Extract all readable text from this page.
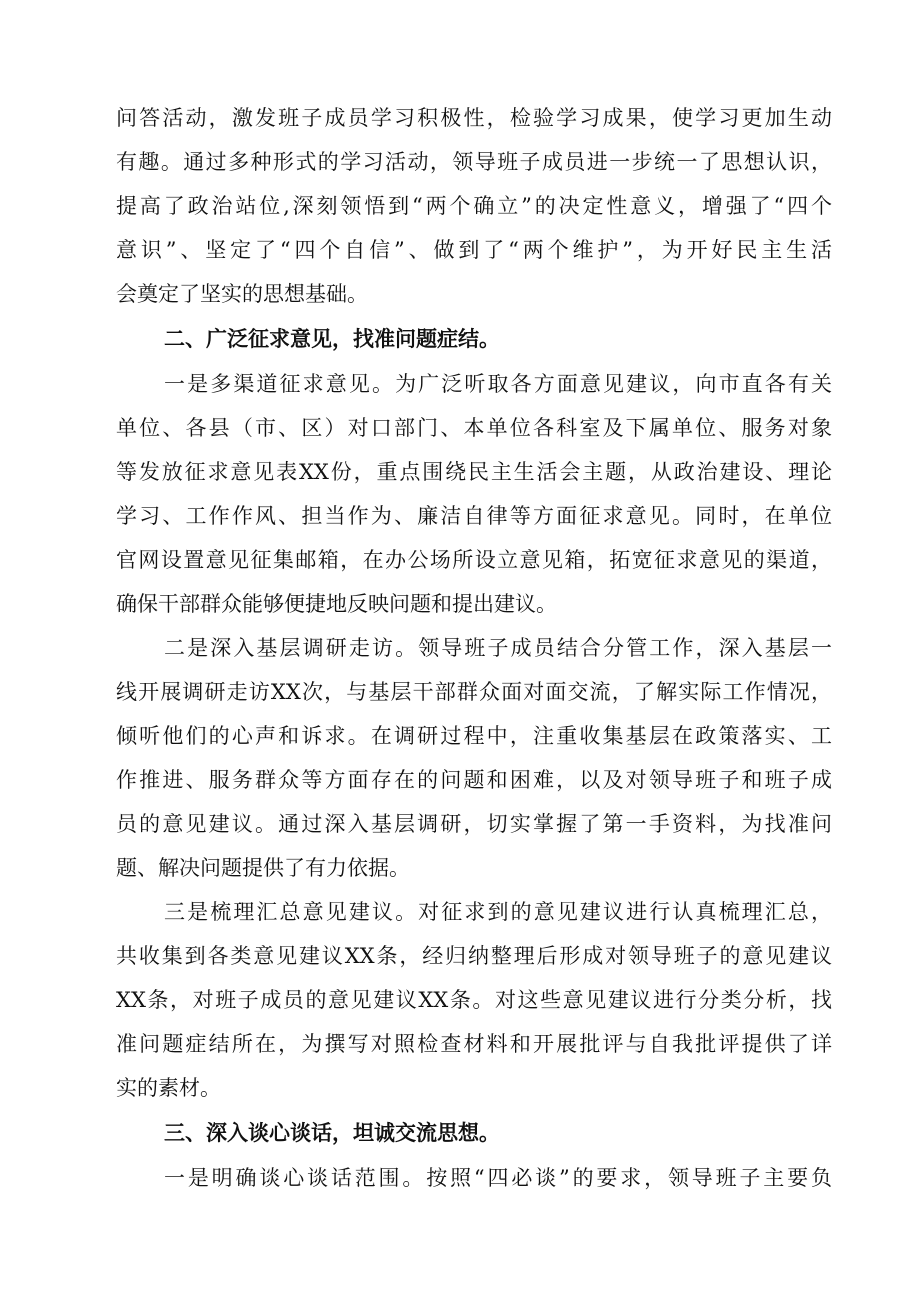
问答活动，激发班子成员学习积极性，检验学习成果，使学习更加生动
有趣。通过多种形式的学习活动，领导班子成员进一步统一了思想认识，
提高了政治站位,深刻领悟到“两个确立”的决定性意义，增强了“四个
意识”、坚定了“四个自信”、做到了“两个维护”，为开好民主生活
会奠定了坚实的思想基础。
二、广泛征求意见，找准问题症结。
一是多渠道征求意见。为广泛听取各方面意见建议，向市直各有关
单位、各县（市、区）对口部门、本单位各科室及下属单位、服务对象
等发放征求意见表XX份，重点围绕民主生活会主题，从政治建设、理论
学习、工作作风、担当作为、廉洁自律等方面征求意见。同时，在单位
官网设置意见征集邮箱，在办公场所设立意见箱，拓宽征求意见的渠道，
确保干部群众能够便捷地反映问题和提出建议。
二是深入基层调研走访。领导班子成员结合分管工作，深入基层一
线开展调研走访XX次，与基层干部群众面对面交流，了解实际工作情况，
倾听他们的心声和诉求。在调研过程中，注重收集基层在政策落实、工
作推进、服务群众等方面存在的问题和困难，以及对领导班子和班子成
员的意见建议。通过深入基层调研，切实掌握了第一手资料，为找准问
题、解决问题提供了有力依据。
三是梳理汇总意见建议。对征求到的意见建议进行认真梳理汇总，
共收集到各类意见建议XX条，经归纳整理后形成对领导班子的意见建议
XX条，对班子成员的意见建议XX条。对这些意见建议进行分类分析，找
准问题症结所在，为撰写对照检查材料和开展批评与自我批评提供了详
实的素材。
三、深入谈心谈话，坦诚交流思想。
一是明确谈心谈话范围。按照“四必谈”的要求，领导班子主要负
